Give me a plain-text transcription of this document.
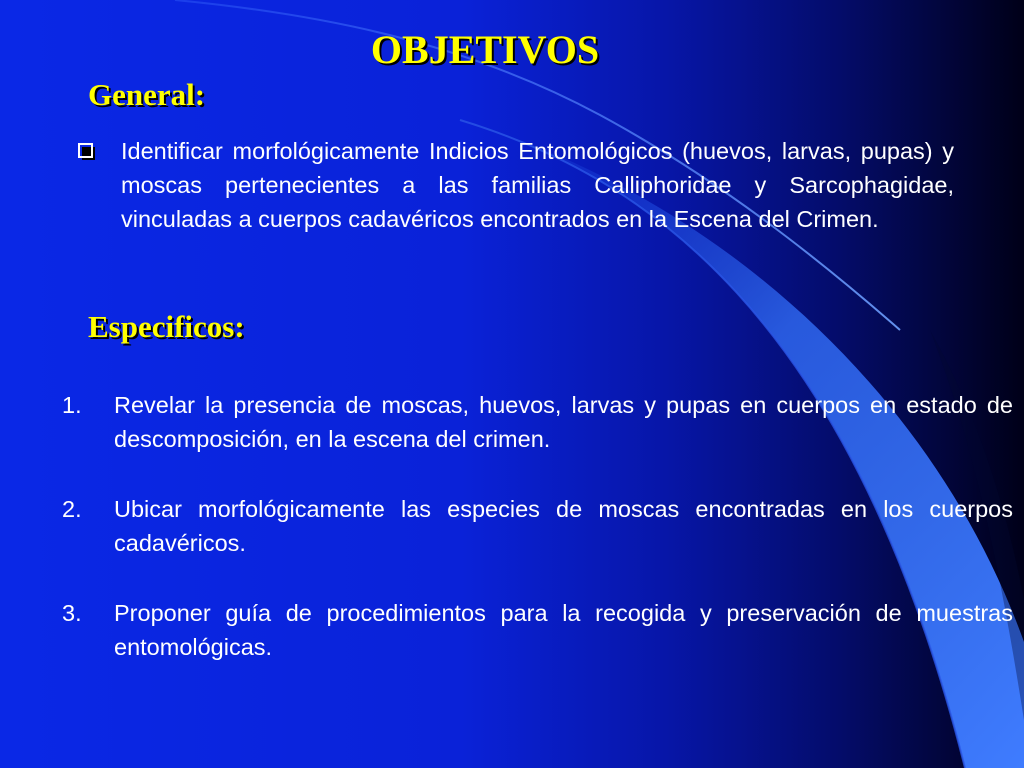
OBJETIVOS
General:

Identificar morfológicamente Indicios Entomológicos (huevos, larvas, pupas) y moscas pertenecientes a las familias Calliphoridae y Sarcophagidae, vinculadas a cuerpos cadavéricos encontrados en la Escena del Crimen.

Especificos:
1. Revelar la presencia de moscas, huevos, larvas y pupas en cuerpos en estado de descomposición, en la escena del crimen.
2. Ubicar morfológicamente las especies de moscas encontradas en los cuerpos cadavéricos.
3. Proponer guía de procedimientos para la recogida y preservación de muestras entomológicas.
